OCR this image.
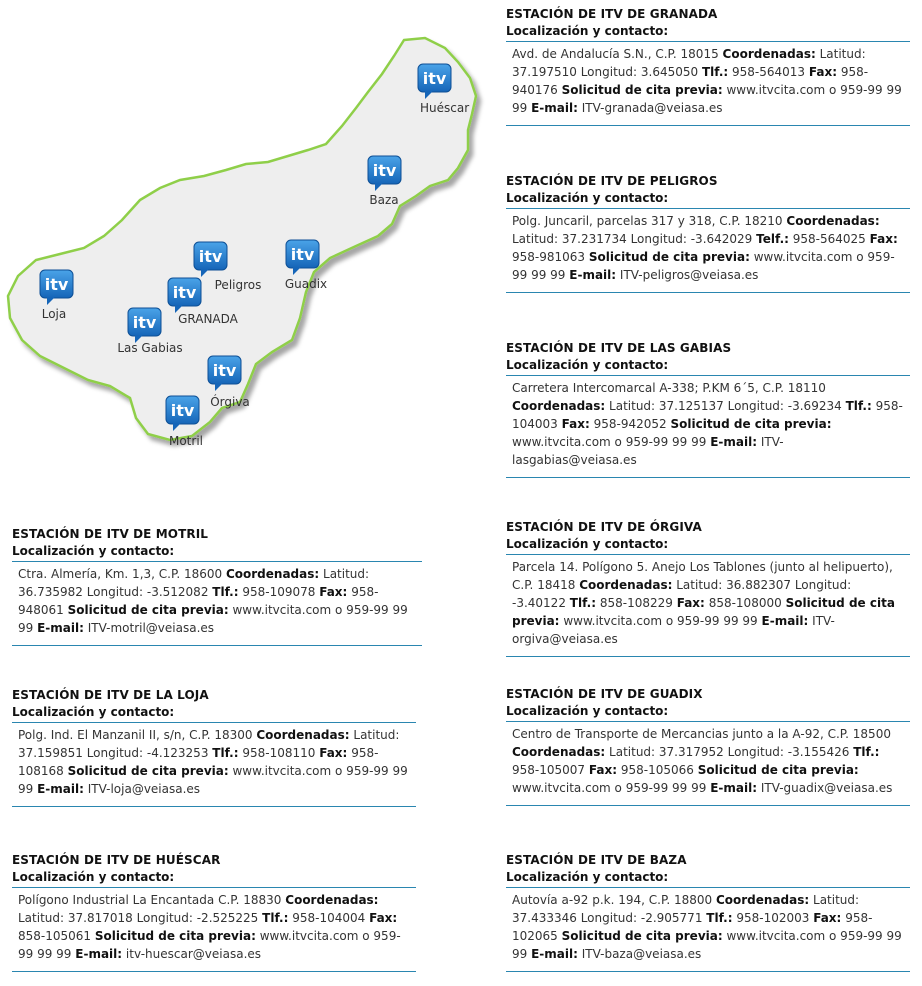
itv
Huéscar
itv
Baza
itv
Guadix
itv
Peligros
itv
GRANADA
itv
Loja	itv
Las Gabias
itv
Órgiva
itv
Motril
ESTACIÓN DE ITV DE GRANADA
Localización y contacto:
Avd. de Andalucía S.N., C.P. 18015 Coordenadas: Latitud: 37.197510 Longitud: 3.645050 Tlf.: 958-564013 Fax: 958-940176 Solicitud de cita previa: www.itvcita.com o 959-99 99 99 E-mail: ITV-granada@veiasa.es
ESTACIÓN DE ITV DE PELIGROS
Localización y contacto:
Polg. Juncaril, parcelas 317 y 318, C.P. 18210 Coordenadas: Latitud: 37.231734 Longitud: -3.642029 Telf.: 958-564025 Fax: 958-981063 Solicitud de cita previa: www.itvcita.com o 959-99 99 99 E-mail: ITV-peligros@veiasa.es
ESTACIÓN DE ITV DE LAS GABIAS
Localización y contacto:
Carretera Intercomarcal A-338; P.KM 6´5, C.P. 18110 Coordenadas: Latitud: 37.125137 Longitud: -3.69234 Tlf.: 958-104003 Fax: 958-942052 Solicitud de cita previa: www.itvcita.com o 959-99 99 99 E-mail: ITV-lasgabias@veiasa.es
ESTACIÓN DE ITV DE ÓRGIVA
Localización y contacto:
Parcela 14. Polígono 5. Anejo Los Tablones (junto al helipuerto), C.P. 18418 Coordenadas: Latitud: 36.882307 Longitud: -3.40122 Tlf.: 858-108229 Fax: 858-108000 Solicitud de cita previa: www.itvcita.com o 959-99 99 99 E-mail: ITV-orgiva@veiasa.es
ESTACIÓN DE ITV DE GUADIX
Localización y contacto:
Centro de Transporte de Mercancias junto a la A-92, C.P. 18500 Coordenadas: Latitud: 37.317952 Longitud: -3.155426 Tlf.: 958-105007 Fax: 958-105066 Solicitud de cita previa: www.itvcita.com o 959-99 99 99 E-mail: ITV-guadix@veiasa.es
ESTACIÓN DE ITV DE BAZA
Localización y contacto:
Autovía a-92 p.k. 194, C.P. 18800 Coordenadas: Latitud: 37.433346 Longitud: -2.905771 Tlf.: 958-102003 Fax: 958-102065 Solicitud de cita previa: www.itvcita.com o 959-99 99 99 E-mail: ITV-baza@veiasa.es
ESTACIÓN DE ITV DE MOTRIL
Localización y contacto:
Ctra. Almería, Km. 1,3, C.P. 18600 Coordenadas: Latitud: 36.735982 Longitud: -3.512082 Tlf.: 958-109078 Fax: 958-948061 Solicitud de cita previa: www.itvcita.com o 959-99 99 99 E-mail: ITV-motril@veiasa.es
ESTACIÓN DE ITV DE LA LOJA
Localización y contacto:
Polg. Ind. El Manzanil II, s/n, C.P. 18300 Coordenadas: Latitud: 37.159851 Longitud: -4.123253 Tlf.: 958-108110 Fax: 958-108168 Solicitud de cita previa: www.itvcita.com o 959-99 99 99 E-mail: ITV-loja@veiasa.es
ESTACIÓN DE ITV DE HUÉSCAR
Localización y contacto:
Polígono Industrial La Encantada C.P. 18830 Coordenadas: Latitud: 37.817018 Longitud: -2.525225 Tlf.: 958-104004 Fax: 858-105061 Solicitud de cita previa: www.itvcita.com o 959-99 99 99 E-mail: itv-huescar@veiasa.es
